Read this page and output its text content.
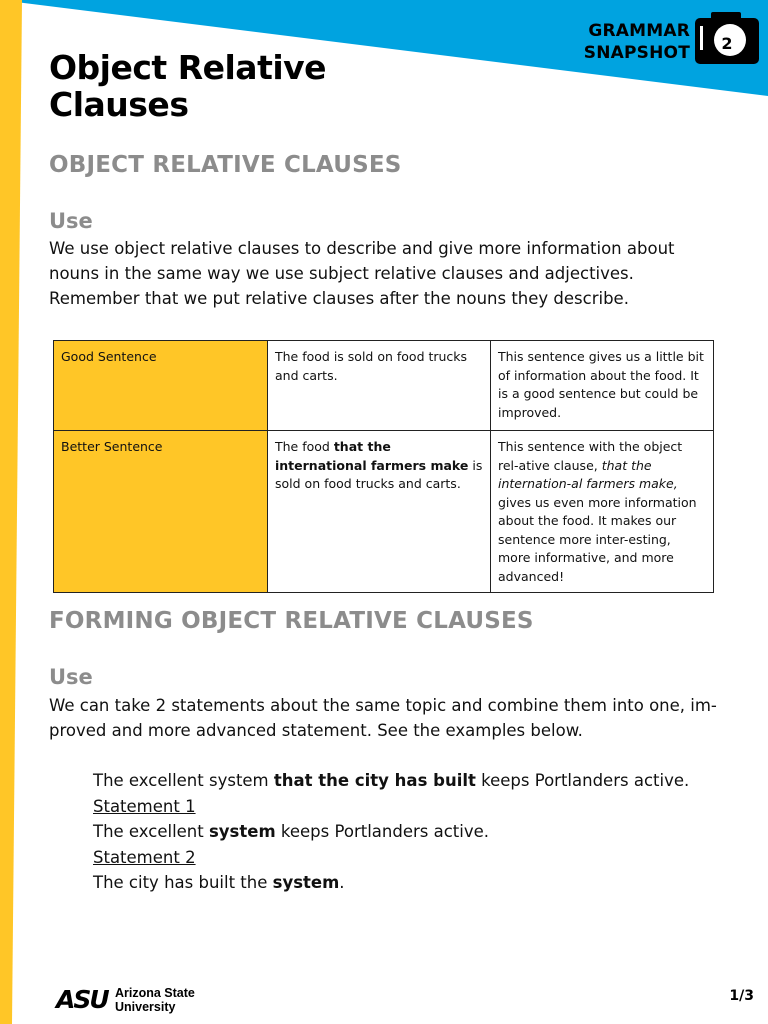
GRAMMAR
SNAPSHOT	2
Object Relative
Clauses
OBJECT RELATIVE CLAUSES
Use

We use object relative clauses to describe and give more information about nouns in the same way we use subject relative clauses and adjectives. Remember that we put relative clauses after the nouns they describe.

Good Sentence	The food is sold on food trucks and carts.	This sentence gives us a little bit of information about the food. It is a good sentence but could be improved.
Better Sentence	The food that the international farmers make is sold on food trucks and carts.	This sentence with the object rel-ative clause, that the internation-al farmers make, gives us even more information about the food. It makes our sentence more inter-esting, more informative, and more advanced!
FORMING OBJECT RELATIVE CLAUSES
Use

We can take 2 statements about the same topic and combine them into one, im-proved and more advanced statement. See the examples below.

The excellent system that the city has built keeps Portlanders active.
Statement 1
The excellent system keeps Portlanders active.
Statement 2
The city has built the system.
ASU Arizona State
University
1/3
